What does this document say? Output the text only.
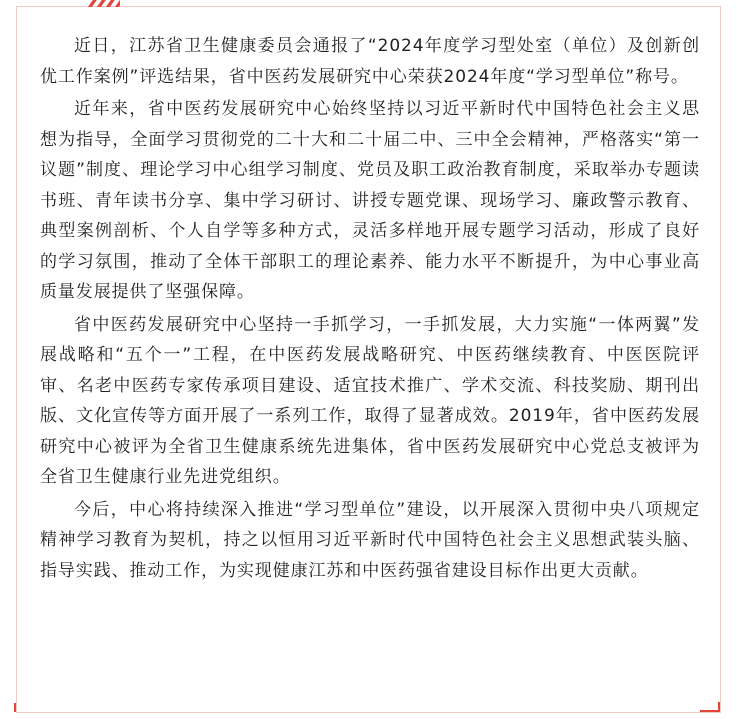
近日，江苏省卫生健康委员会通报了“2024年度学习型处室（单位）及创新创优工作案例”评选结果，省中医药发展研究中心荣获2024年度“学习型单位”称号。

近年来，省中医药发展研究中心始终坚持以习近平新时代中国特色社会主义思想为指导，全面学习贯彻党的二十大和二十届二中、三中全会精神，严格落实“第一议题”制度、理论学习中心组学习制度、党员及职工政治教育制度，采取举办专题读书班、青年读书分享、集中学习研讨、讲授专题党课、现场学习、廉政警示教育、典型案例剖析、个人自学等多种方式，灵活多样地开展专题学习活动，形成了良好的学习氛围，推动了全体干部职工的理论素养、能力水平不断提升，为中心事业高质量发展提供了坚强保障。

省中医药发展研究中心坚持一手抓学习，一手抓发展，大力实施“一体两翼”发展战略和“五个一”工程，在中医药发展战略研究、中医药继续教育、中医医院评审、名老中医药专家传承项目建设、适宜技术推广、学术交流、科技奖励、期刊出版、文化宣传等方面开展了一系列工作，取得了显著成效。2019年，省中医药发展研究中心被评为全省卫生健康系统先进集体，省中医药发展研究中心党总支被评为全省卫生健康行业先进党组织。

今后，中心将持续深入推进“学习型单位”建设，以开展深入贯彻中央八项规定精神学习教育为契机，持之以恒用习近平新时代中国特色社会主义思想武装头脑、指导实践、推动工作，为实现健康江苏和中医药强省建设目标作出更大贡献。
